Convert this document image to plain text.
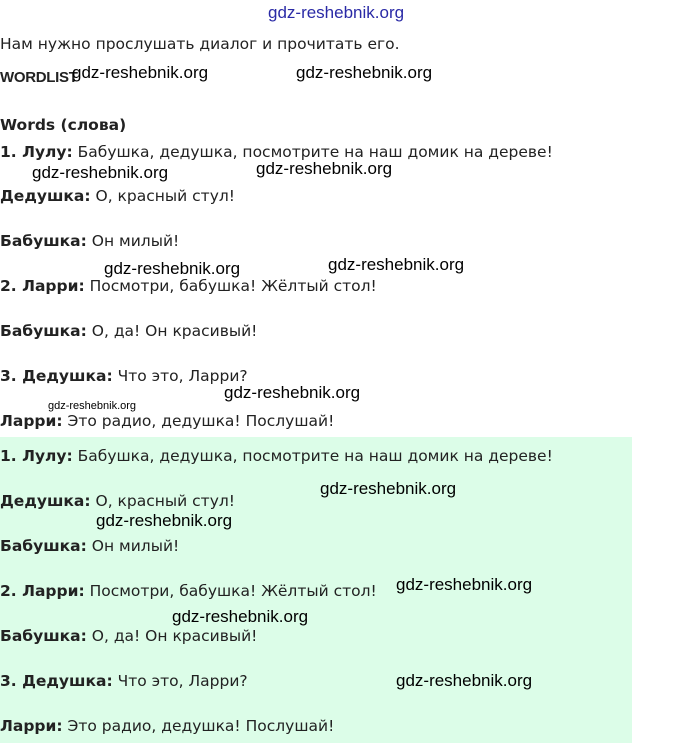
gdz-reshebnik.org
Нам нужно прослушать диалог и прочитать его.
WORDLIST
Words (слова)
1. Лулу: Бабушка, дедушка, посмотрите на наш домик на дереве!
Дедушка: О, красный стул!
Бабушка: Он милый!
2. Ларри: Посмотри, бабушка! Жёлтый стол!
Бабушка: О, да! Он красивый!
3. Дедушка: Что это, Ларри?
Ларри: Это радио, дедушка! Послушай!
1. Лулу: Бабушка, дедушка, посмотрите на наш домик на дереве!
Дедушка: О, красный стул!
Бабушка: Он милый!
2. Ларри: Посмотри, бабушка! Жёлтый стол!
Бабушка: О, да! Он красивый!
3. Дедушка: Что это, Ларри?
Ларри: Это радио, дедушка! Послушай!
gdz-reshebnik.org	gdz-reshebnik.org
gdz-reshebnik.org	gdz-reshebnik.org
gdz-reshebnik.org	gdz-reshebnik.org
gdz-reshebnik.org
gdz-reshebnik.org
gdz-reshebnik.org
gdz-reshebnik.org
gdz-reshebnik.org
gdz-reshebnik.org
gdz-reshebnik.org
